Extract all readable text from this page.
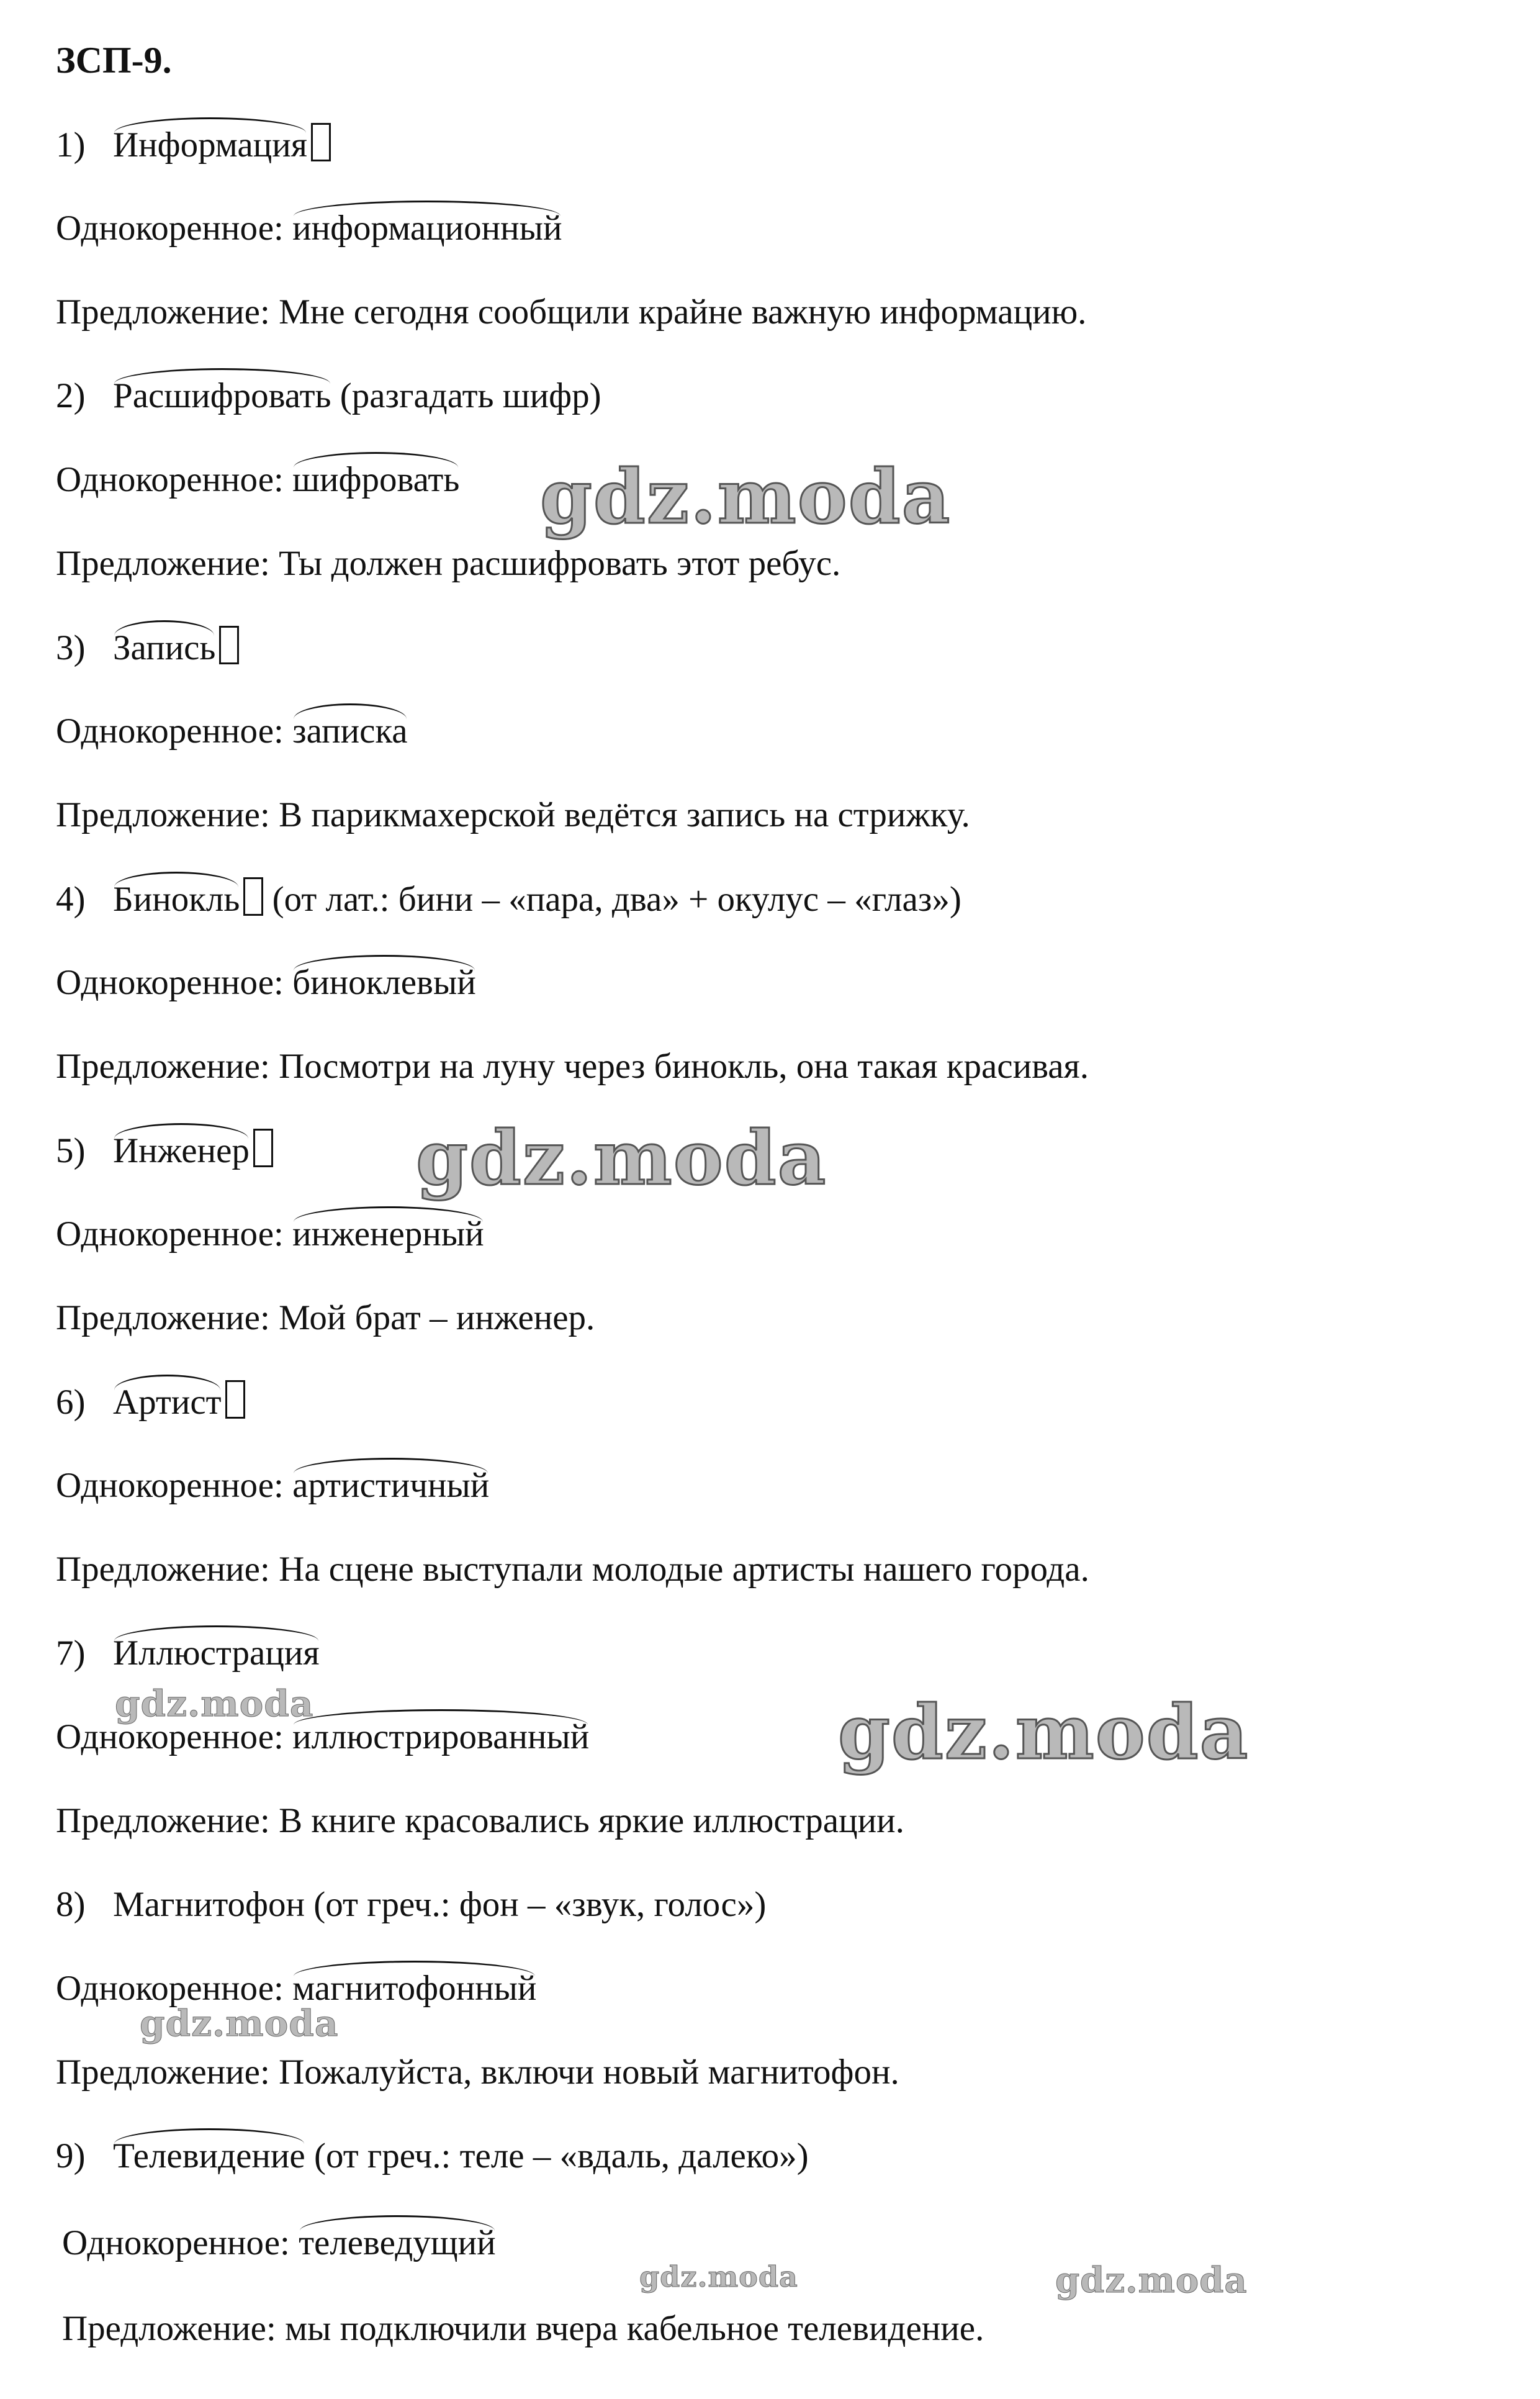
ЗСП-9.
1) Информация
Однокоренное: информационный
Предложение: Мне сегодня сообщили крайне важную информацию.
2) Расшифровать (разгадать шифр)
Однокоренное: шифровать
Предложение: Ты должен расшифровать этот ребус.
3) Запись
Однокоренное: записка
Предложение: В парикмахерской ведётся запись на стрижку.
4) Бинокль (от лат.: бини – «пара, два» + окулус – «глаз»)
Однокоренное: биноклевый
Предложение: Посмотри на луну через бинокль, она такая красивая.
5) Инженер
Однокоренное: инженерный
Предложение: Мой брат – инженер.
6) Артист
Однокоренное: артистичный
Предложение: На сцене выступали молодые артисты нашего города.
7) Иллюстрация
Однокоренное: иллюстрированный
Предложение: В книге красовались яркие иллюстрации.
8) Магнитофон (от греч.: фон – «звук, голос»)
Однокоренное: магнитофонный
Предложение: Пожалуйста, включи новый магнитофон.
9) Телевидение (от греч.: теле – «вдаль, далеко»)
Однокоренное: телеведущий
Предложение: мы подключили вчера кабельное телевидение.
gdz.moda
gdz.moda
gdz.moda
gdz.moda
gdz.moda
gdz.moda	gdz.moda
